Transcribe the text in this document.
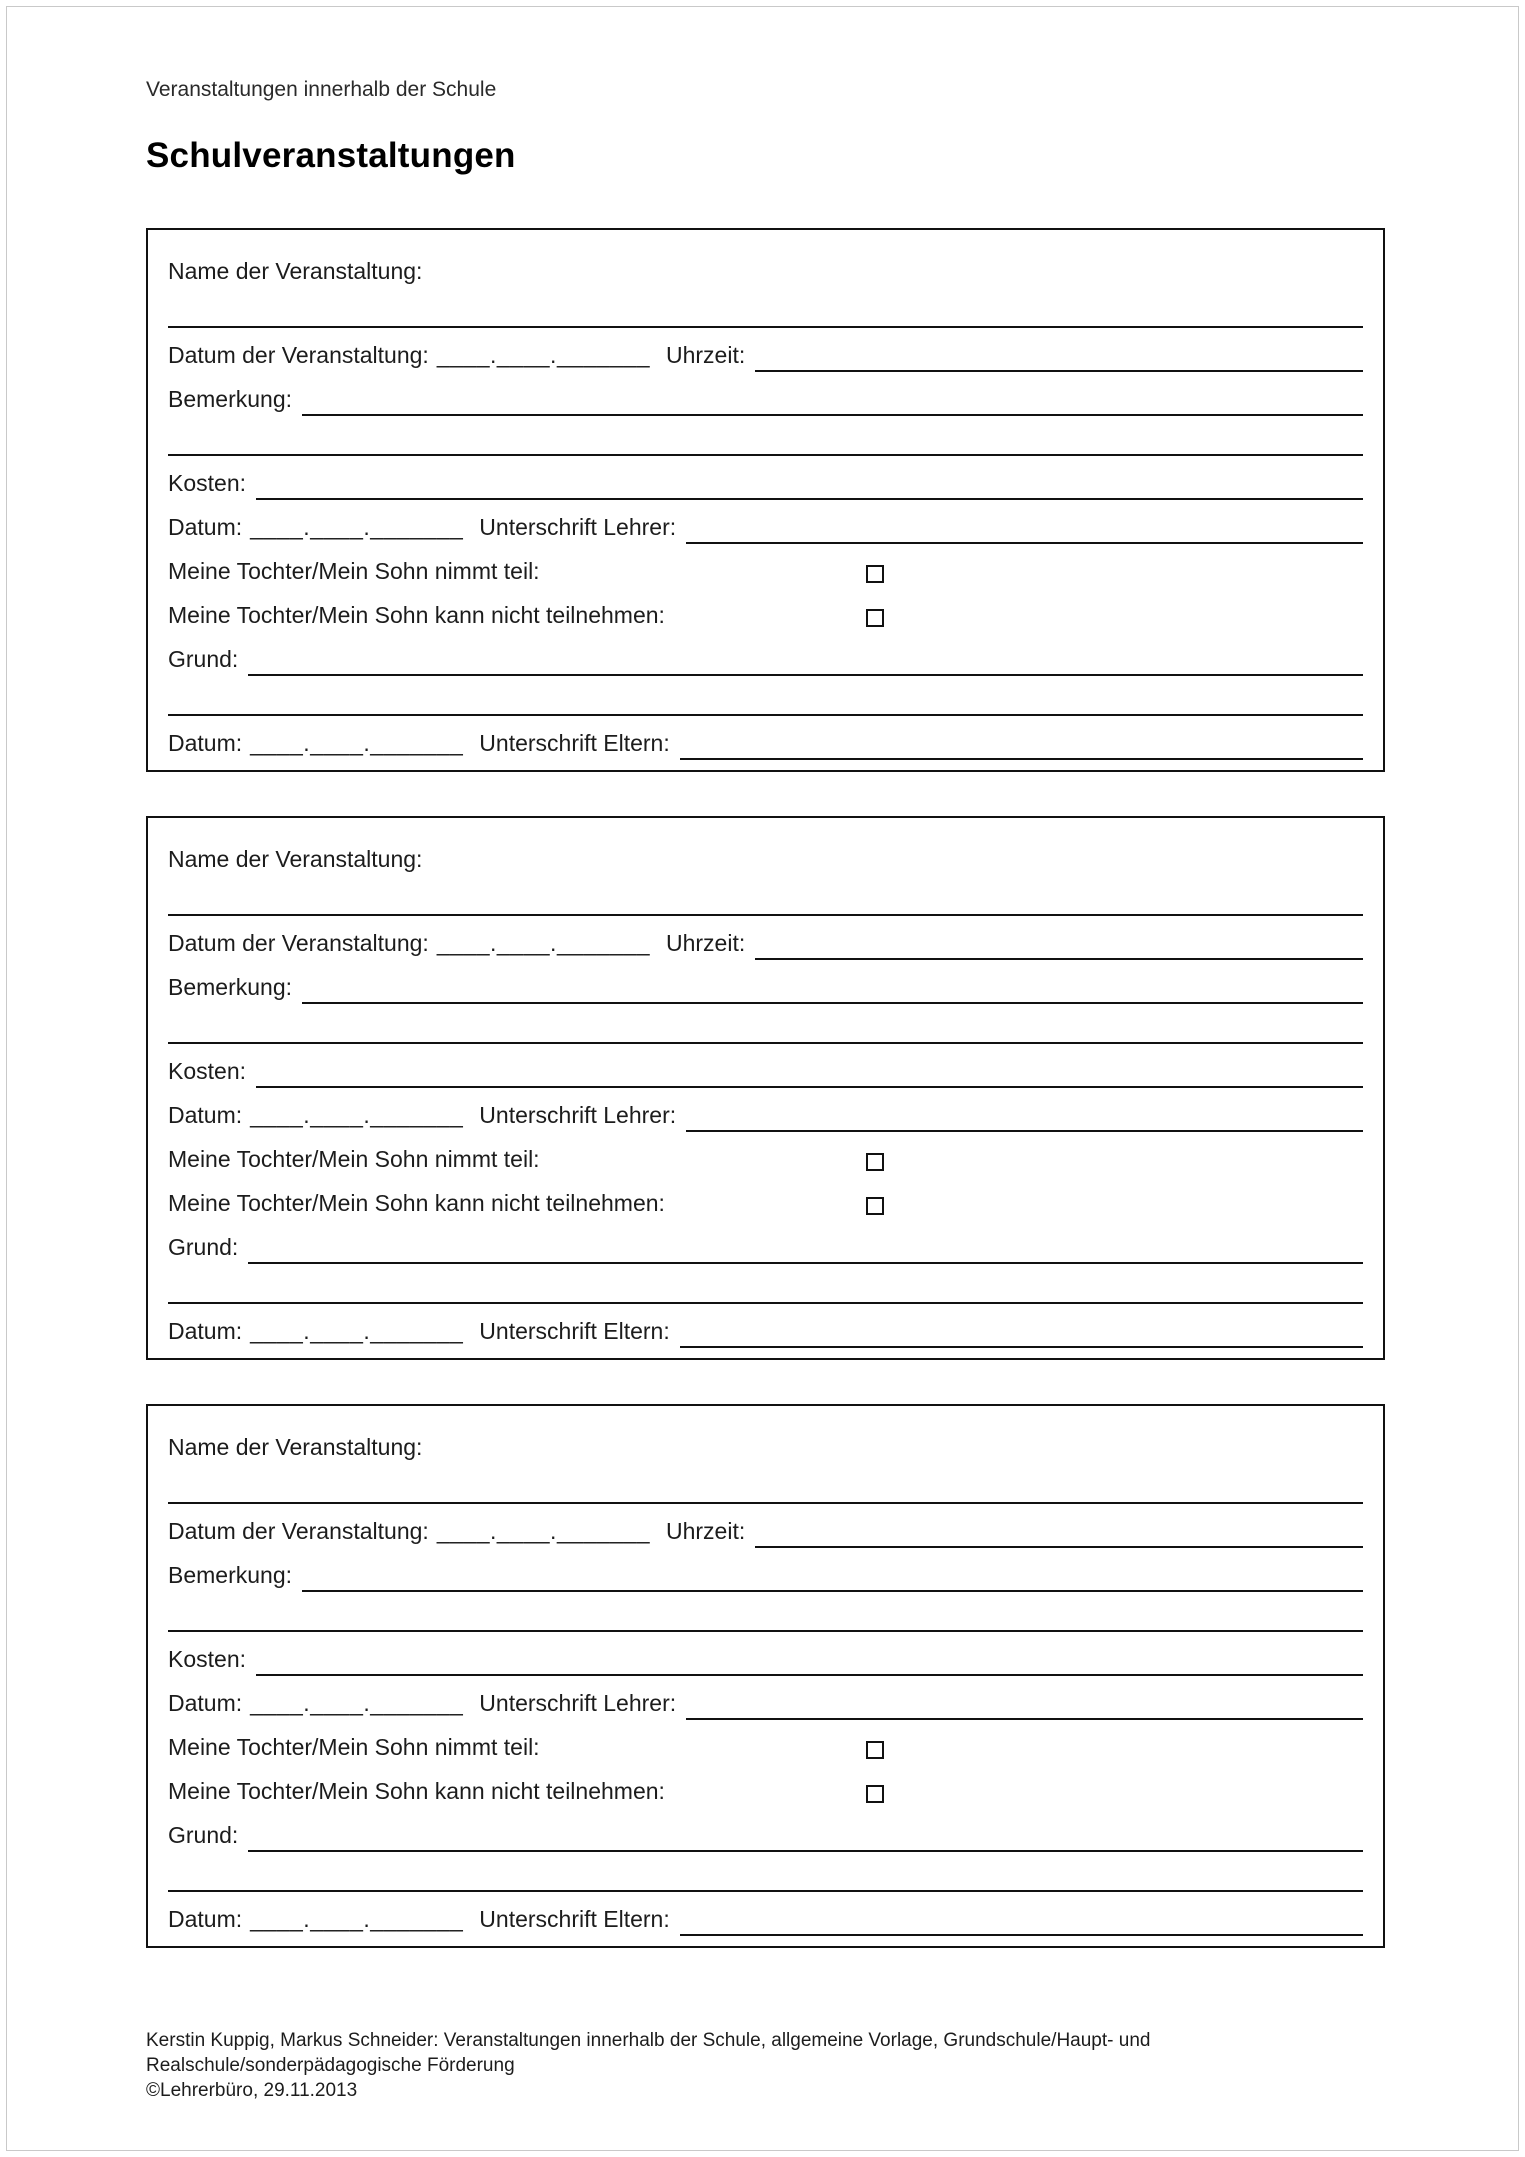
Veranstaltungen innerhalb der Schule
Schulveranstaltungen
Name der Veranstaltung:
Datum der Veranstaltung: ____.____._______ Uhrzeit:
Bemerkung:
Kosten:
Datum: ____.____._______ Unterschrift Lehrer:
Meine Tochter/Mein Sohn nimmt teil:
Meine Tochter/Mein Sohn kann nicht teilnehmen:
Grund:
Datum: ____.____._______ Unterschrift Eltern:
Name der Veranstaltung:
Datum der Veranstaltung: ____.____._______ Uhrzeit:
Bemerkung:
Kosten:
Datum: ____.____._______ Unterschrift Lehrer:
Meine Tochter/Mein Sohn nimmt teil:
Meine Tochter/Mein Sohn kann nicht teilnehmen:
Grund:
Datum: ____.____._______ Unterschrift Eltern:
Name der Veranstaltung:
Datum der Veranstaltung: ____.____._______ Uhrzeit:
Bemerkung:
Kosten:
Datum: ____.____._______ Unterschrift Lehrer:
Meine Tochter/Mein Sohn nimmt teil:
Meine Tochter/Mein Sohn kann nicht teilnehmen:
Grund:
Datum: ____.____._______ Unterschrift Eltern:
Kerstin Kuppig, Markus Schneider: Veranstaltungen innerhalb der Schule, allgemeine Vorlage, Grundschule/Haupt- und Realschule/sonderpädagogische Förderung
©Lehrerbüro, 29.11.2013
